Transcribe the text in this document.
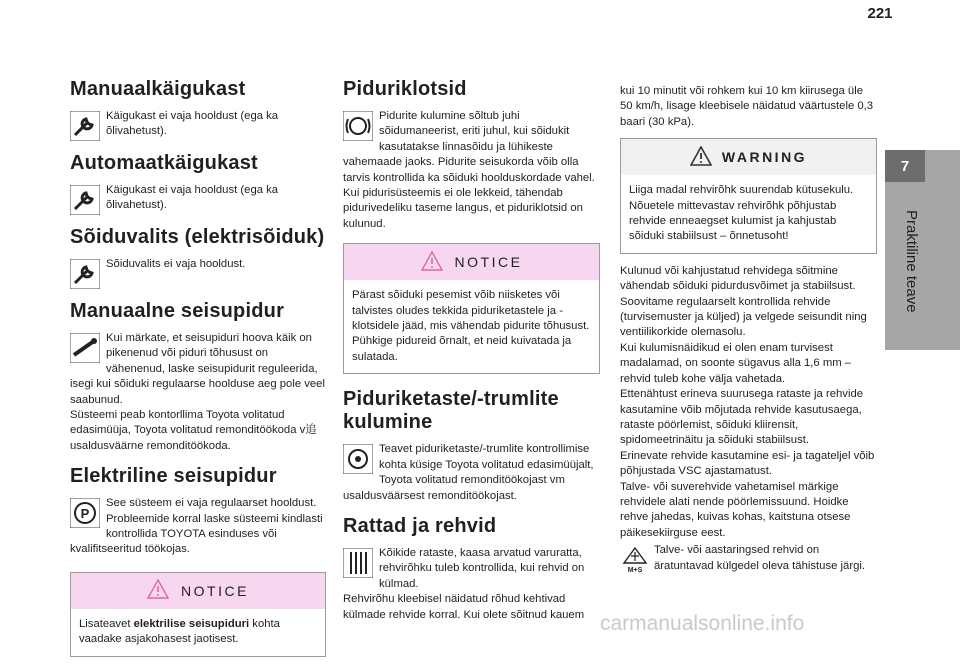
221
7
Praktiline teave
Manuaalkäigukast

Käigukast ei vaja hooldust (ega ka õlivahetust).

Automaatkäigukast

Käigukast ei vaja hooldust (ega ka õlivahetust).

Sõiduvalits (elektrisõiduk)

Sõiduvalits ei vaja hooldust.

Manuaalne seisupidur

Kui märkate, et seisupiduri hoova käik on pikenenud või piduri tõhusust on vähenenud, laske seisupidurit reguleerida, isegi kui sõiduki regulaarse hoolduse aeg pole veel saabunud.

Süsteemi peab kontorllima Toyota volitatud edasimüüja, Toyota volitatud remonditöökoda v追 usaldusväärne remonditöökoda.

Elektriline seisupidur
P

See süsteem ei vaja regulaarset hooldust. Probleemide korral laske süsteemi kindlasti kontrollida TOYOTA esinduses või kvalifitseeritud töökojas.

NOTICE

Lisateavet elektrilise seisupiduri kohta vaadake asjakohasest jaotisest.

Piduriklotsid

Pidurite kulumine sõltub juhi sõidumaneerist, eriti juhul, kui sõidukit kasutatakse linnasõidu ja lühikeste vahemaade jaoks. Pidurite seisukorda võib olla tarvis kontrollida ka sõiduki hoolduskordade vahel.

Kui pidurisüsteemis ei ole lekkeid, tähendab pidurivedeliku taseme langus, et piduriklotsid on kulunud.

NOTICE

Pärast sõiduki pesemist võib niisketes või talvistes oludes tekkida piduriketastele ja -klotsidele jääd, mis vähendab pidurite tõhusust. Pühkige pidureid õrnalt, et neid kuivatada ja sulatada.

Piduriketaste/-trumlite kulumine

Teavet piduriketaste/-trumlite kontrollimise kohta küsige Toyota volitatud edasimüüjalt, Toyota volitatud remonditöökojast vm usaldusväärsest remonditöökojast.

Rattad ja rehvid

Kõikide rataste, kaasa arvatud varuratta, rehvirõhku tuleb kontrollida, kui rehvid on külmad.

Rehvirõhu kleebisel näidatud rõhud kehtivad külmade rehvide korral. Kui olete sõitnud kauem

kui 10 minutit või rohkem kui 10 km kiirusega üle 50 km/h, lisage kleebisele näidatud väärtustele 0,3 baari (30 kPa).

WARNING

Liiga madal rehvirõhk suurendab kütusekulu. Nõuetele mittevastav rehvirõhk põhjustab rehvide enneaegset kulumist ja kahjustab sõiduki stabiilsust – õnnetusoht!

Kulunud või kahjustatud rehvidega sõitmine vähendab sõiduki pidurdusvõimet ja stabiilsust.

Soovitame regulaarselt kontrollida rehvide (turvisemuster ja küljed) ja velgede seisundit ning ventiilikorkide olemasolu.

Kui kulumisnäidikud ei olen enam turvisest madalamad, on soonte sügavus alla 1,6 mm – rehvid tuleb kohe välja vahetada.

Ettenähtust erineva suurusega rataste ja rehvide kasutamine võib mõjutada rehvide kasutusaega, rataste pöörlemist, sõiduki kliirensit, spidomeetrinäitu ja sõiduki stabiilsust.

Erinevate rehvide kasutamine esi- ja tagateljel võib põhjustada VSC ajastamatust.

Talve- või suverehvide vahetamisel märkige rehvidele alati nende pöörlemissuund. Hoidke rehve jahedas, kuivas kohas, kaitstuna otsese päikesekiirguse eest.

M+S

Talve- või aastaringsed rehvid on äratuntavad külgedel oleva tähistuse järgi.

carmanualsonline.info
